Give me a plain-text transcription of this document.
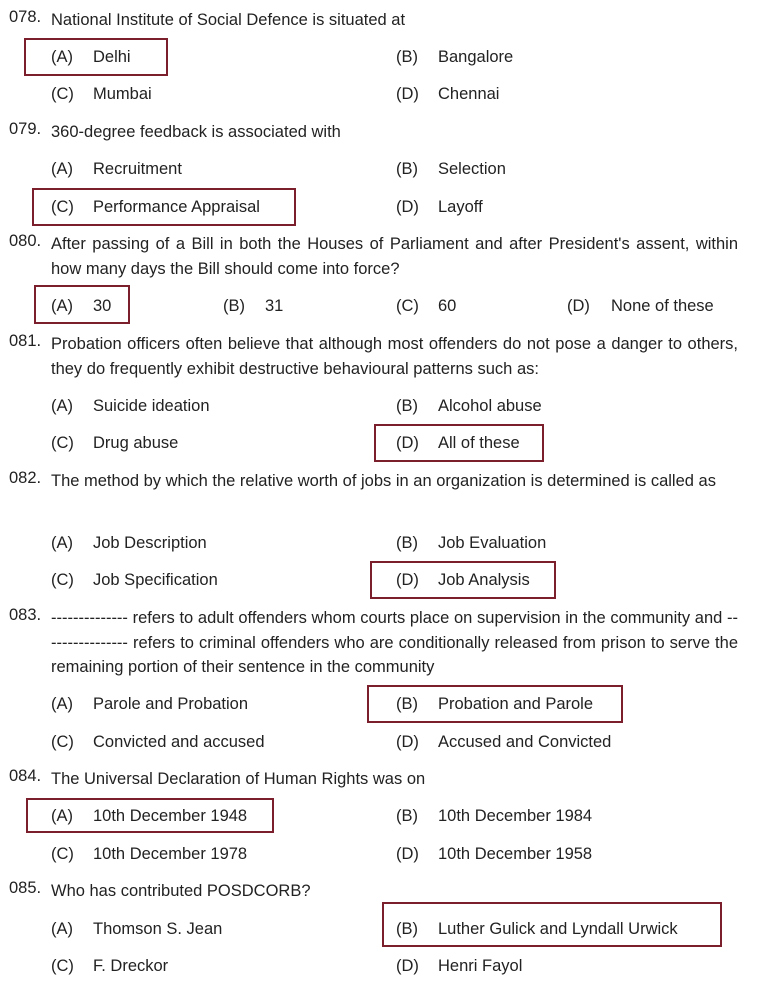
078. National Institute of Social Defence is situated at
(A)	Delhi	(B)	Bangalore
(C)	Mumbai	(D)	Chennai
079. 360-degree feedback is associated with
(A)	Recruitment	(B)	Selection
(C)	Performance Appraisal	(D)	Layoff
080. After passing of a Bill in both the Houses of Parliament and after President's assent, within how many days the Bill should come into force?
(A)	30	(B)	31	(C)	60	(D)	None of these
081. Probation officers often believe that although most offenders do not pose a danger to others, they do frequently exhibit destructive behavioural patterns such as:
(A)	Suicide ideation	(B)	Alcohol abuse
(C)	Drug abuse	(D)	All of these
082. The method by which the relative worth of jobs in an organization is determined is called as
(A)	Job Description	(B)	Job Evaluation
(C)	Job Specification	(D)	Job Analysis
083. -------------- refers to adult offenders whom courts place on supervision in the community and ---------------- refers to criminal offenders who are conditionally released from prison to serve the remaining portion of their sentence in the community
(A)	Parole and Probation	(B)	Probation and Parole
(C)	Convicted and accused	(D)	Accused and Convicted
084. The Universal Declaration of Human Rights was on
(A)	10th December 1948	(B)	10th December 1984
(C)	10th December 1978	(D)	10th December 1958
085. Who has contributed POSDCORB?
(A)	Thomson S. Jean	(B)	Luther Gulick and Lyndall Urwick
(C)	F. Dreckor	(D)	Henri Fayol
